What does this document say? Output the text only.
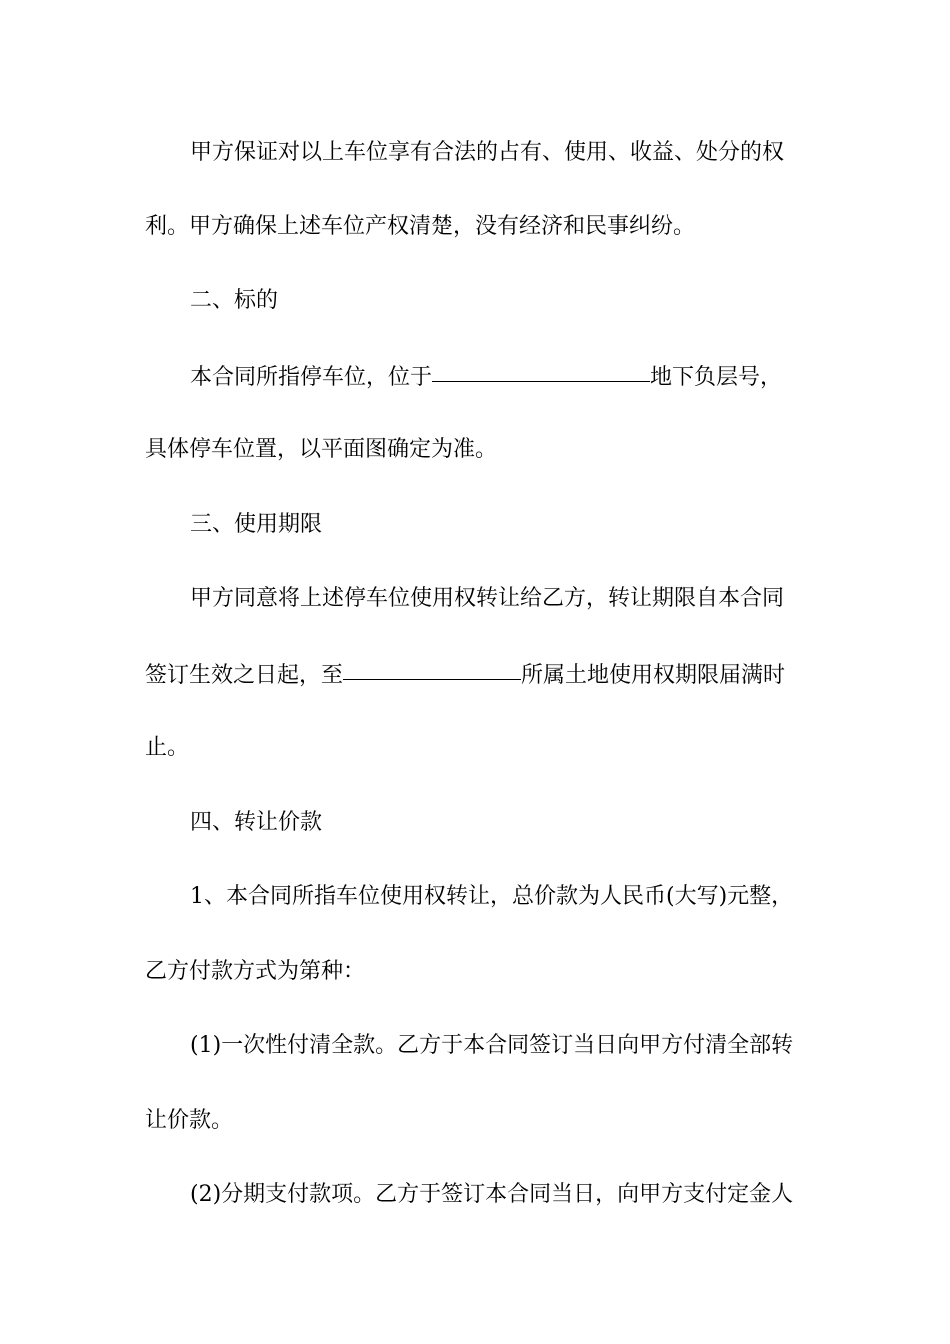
甲方保证对以上车位享有合法的占有、使用、收益、处分的权
利。甲方确保上述车位产权清楚，没有经济和民事纠纷。
二、标的
本合同所指停车位，位于	地下负层号，
具体停车位置，以平面图确定为准。
三、使用期限
甲方同意将上述停车位使用权转让给乙方，转让期限自本合同
签订生效之日起，至	所属土地使用权期限届满时
止。
四、转让价款
1、本合同所指车位使用权转让，总价款为人民币(大写)元整，
乙方付款方式为第种：
(1)一次性付清全款。乙方于本合同签订当日向甲方付清全部转
让价款。
(2)分期支付款项。乙方于签订本合同当日，向甲方支付定金人
